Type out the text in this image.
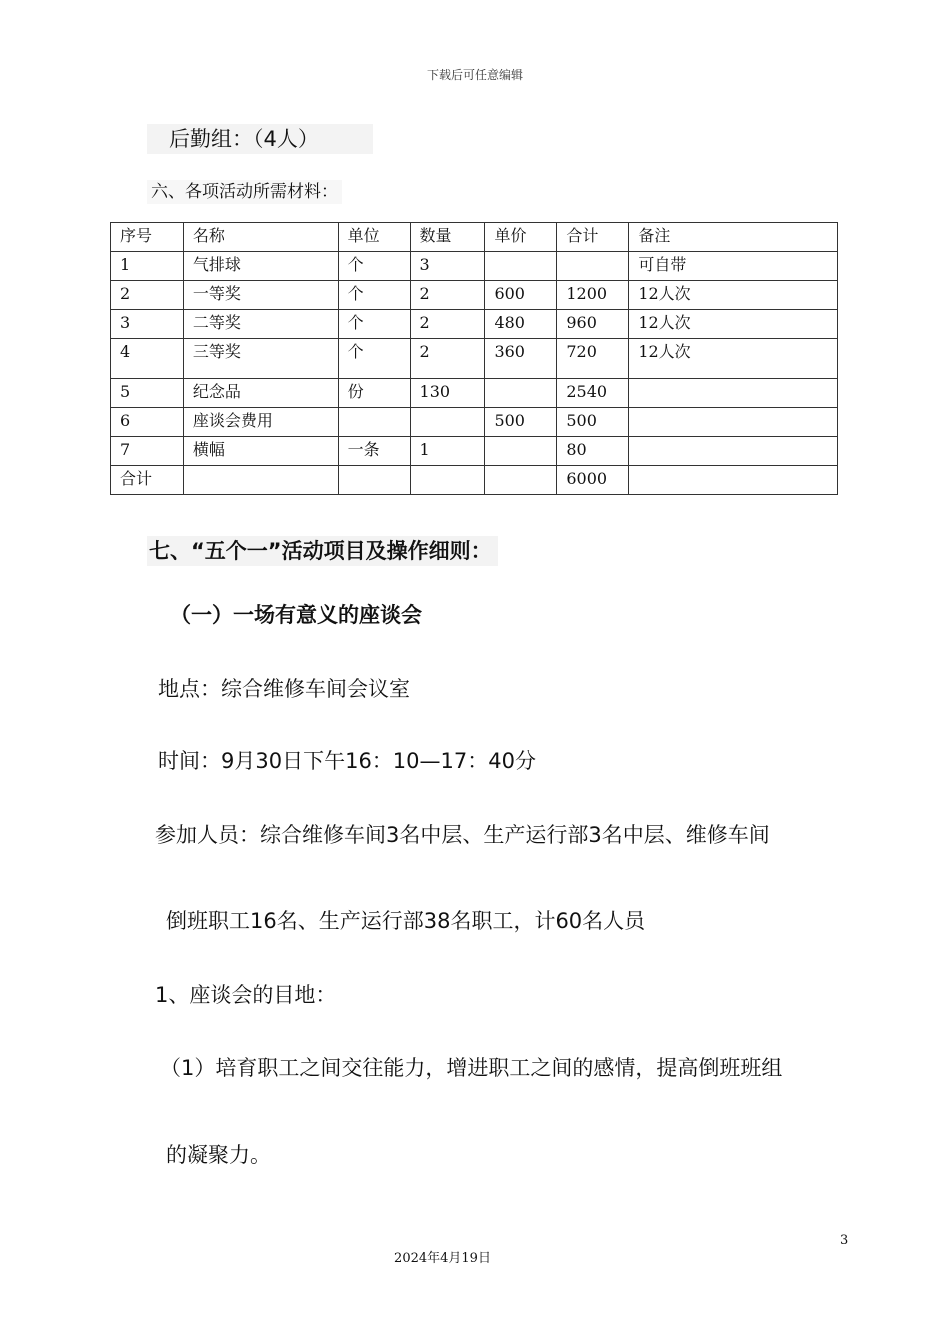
下载后可任意编辑
后勤组：（4人）
六、各项活动所需材料：
序号	名称	单位	数量	单价	合计	备注
1	气排球	个	3			可自带
2	一等奖	个	2	600	1200	12人次
3	二等奖	个	2	480	960	12人次
4	三等奖	个	2	360	720	12人次
5	纪念品	份	130		2540	
6	座谈会费用			500	500	
7	横幅	一条	1		80	
合计					6000	
七、“五个一”活动项目及操作细则：
（一）一场有意义的座谈会
地点：综合维修车间会议室
时间：9月30日下午16：10—17：40分
参加人员：综合维修车间3名中层、生产运行部3名中层、维修车间
倒班职工16名、生产运行部38名职工，计60名人员
1、座谈会的目地：
（1）培育职工之间交往能力，增进职工之间的感情，提高倒班班组
的凝聚力。
3
2024年4月19日
